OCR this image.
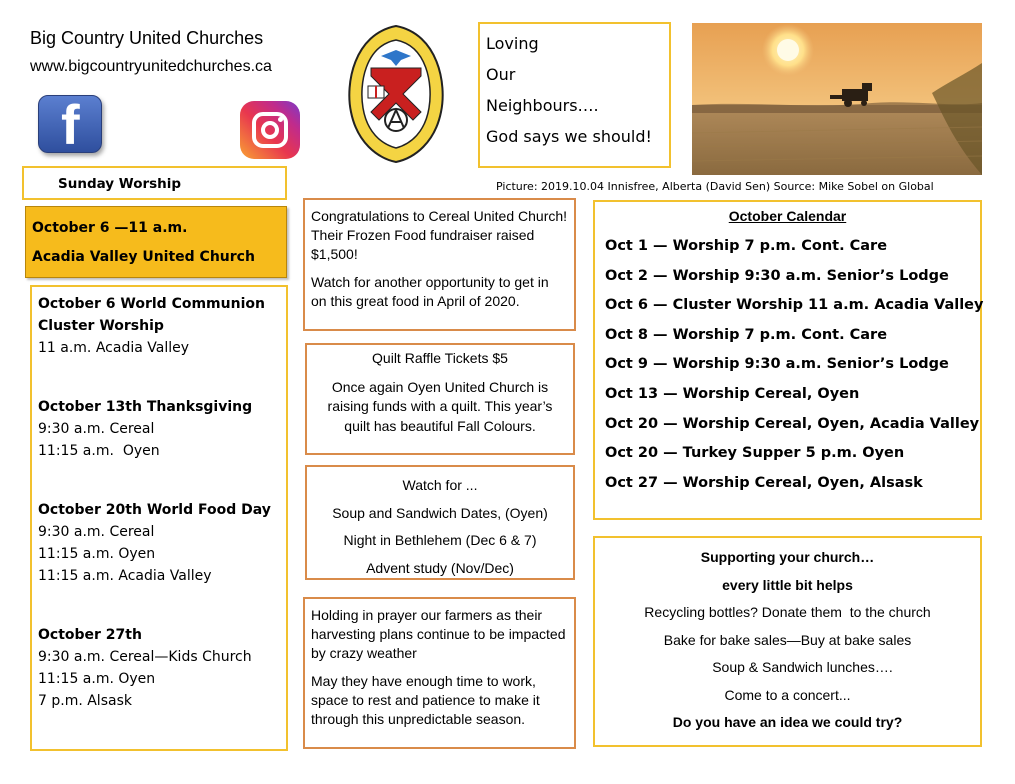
Big Country United Churches
www.bigcountryunitedchurches.ca
f
Loving
Our
Neighbours….
God says we should!
Picture: 2019.10.04 Innisfree, Alberta (David Sen) Source: Mike Sobel on Global
Sunday Worship
October 6 —11 a.m.
Acadia Valley United Church
October 6 World Communion
Cluster Worship
11 a.m. Acadia Valley
October 13th Thanksgiving
9:30 a.m. Cereal
11:15 a.m.  Oyen
October 20th World Food Day
9:30 a.m. Cereal
11:15 a.m. Oyen
11:15 a.m. Acadia Valley
October 27th
9:30 a.m. Cereal—Kids Church
11:15 a.m. Oyen
7 p.m. Alsask

Congratulations to Cereal United Church! Their Frozen Food fundraiser raised $1,500!

Watch for another opportunity to get in on this great food in April of 2020.

Quilt Raffle Tickets $5

Once again Oyen United Church is raising funds with a quilt. This year’s quilt has beautiful Fall Colours.

Watch for ...
Soup and Sandwich Dates, (Oyen)
Night in Bethlehem (Dec 6 & 7)
Advent study (Nov/Dec)

Holding in prayer our farmers as their harvesting plans continue to be impacted by crazy weather

May they have enough time to work, space to rest and patience to make it through this unpredictable season.

October Calendar
Oct 1 — Worship 7 p.m. Cont. Care
Oct 2 — Worship 9:30 a.m. Senior’s Lodge
Oct 6 — Cluster Worship 11 a.m. Acadia Valley
Oct 8 — Worship 7 p.m. Cont. Care
Oct 9 — Worship 9:30 a.m. Senior’s Lodge
Oct 13 — Worship Cereal, Oyen
Oct 20 — Worship Cereal, Oyen, Acadia Valley
Oct 20 — Turkey Supper 5 p.m. Oyen
Oct 27 — Worship Cereal, Oyen, Alsask
Supporting your church…
every little bit helps
Recycling bottles? Donate them  to the church
Bake for bake sales—Buy at bake sales
Soup & Sandwich lunches….
Come to a concert...
Do you have an idea we could try?
